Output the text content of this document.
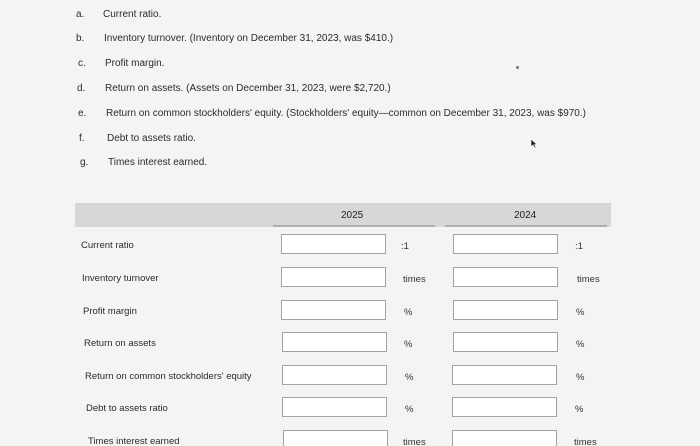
a.	Current ratio.
b.	Inventory turnover. (Inventory on December 31, 2023, was $410.)
c.	Profit margin.
d.	Return on assets. (Assets on December 31, 2023, were $2,720.)
e.	Return on common stockholders' equity. (Stockholders' equity—common on December 31, 2023, was $970.)
f.	Debt to assets ratio.
g.	Times interest earned.
2025	2024
Current ratio	:1	:1
Inventory turnover	times	times
Profit margin	%	%
Return on assets	%	%
Return on common stockholders' equity	%	%
Debt to assets ratio	%	%
Times interest earned	times	times
